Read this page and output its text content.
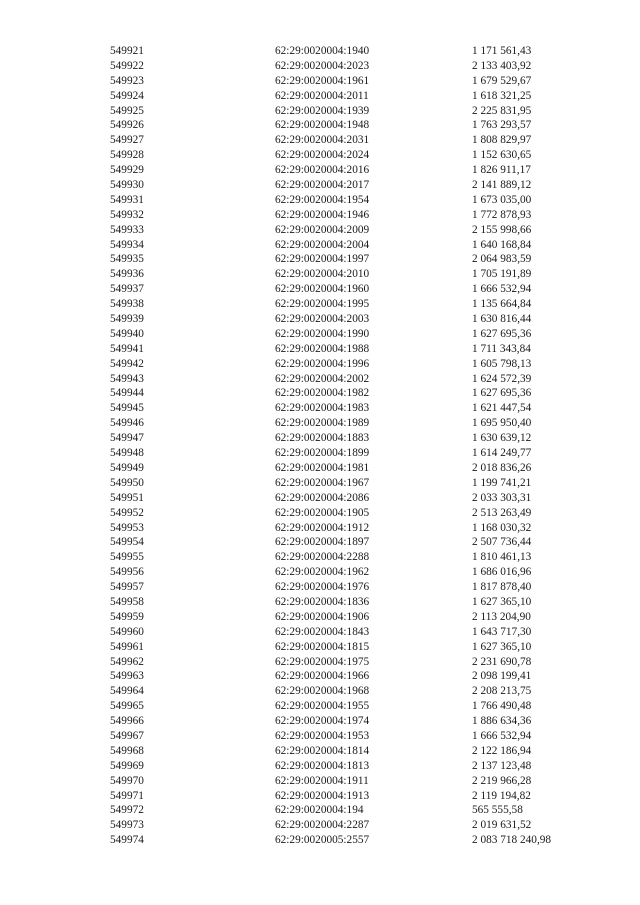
549921	62:29:0020004:1940	1 171 561,43
549922	62:29:0020004:2023	2 133 403,92
549923	62:29:0020004:1961	1 679 529,67
549924	62:29:0020004:2011	1 618 321,25
549925	62:29:0020004:1939	2 225 831,95
549926	62:29:0020004:1948	1 763 293,57
549927	62:29:0020004:2031	1 808 829,97
549928	62:29:0020004:2024	1 152 630,65
549929	62:29:0020004:2016	1 826 911,17
549930	62:29:0020004:2017	2 141 889,12
549931	62:29:0020004:1954	1 673 035,00
549932	62:29:0020004:1946	1 772 878,93
549933	62:29:0020004:2009	2 155 998,66
549934	62:29:0020004:2004	1 640 168,84
549935	62:29:0020004:1997	2 064 983,59
549936	62:29:0020004:2010	1 705 191,89
549937	62:29:0020004:1960	1 666 532,94
549938	62:29:0020004:1995	1 135 664,84
549939	62:29:0020004:2003	1 630 816,44
549940	62:29:0020004:1990	1 627 695,36
549941	62:29:0020004:1988	1 711 343,84
549942	62:29:0020004:1996	1 605 798,13
549943	62:29:0020004:2002	1 624 572,39
549944	62:29:0020004:1982	1 627 695,36
549945	62:29:0020004:1983	1 621 447,54
549946	62:29:0020004:1989	1 695 950,40
549947	62:29:0020004:1883	1 630 639,12
549948	62:29:0020004:1899	1 614 249,77
549949	62:29:0020004:1981	2 018 836,26
549950	62:29:0020004:1967	1 199 741,21
549951	62:29:0020004:2086	2 033 303,31
549952	62:29:0020004:1905	2 513 263,49
549953	62:29:0020004:1912	1 168 030,32
549954	62:29:0020004:1897	2 507 736,44
549955	62:29:0020004:2288	1 810 461,13
549956	62:29:0020004:1962	1 686 016,96
549957	62:29:0020004:1976	1 817 878,40
549958	62:29:0020004:1836	1 627 365,10
549959	62:29:0020004:1906	2 113 204,90
549960	62:29:0020004:1843	1 643 717,30
549961	62:29:0020004:1815	1 627 365,10
549962	62:29:0020004:1975	2 231 690,78
549963	62:29:0020004:1966	2 098 199,41
549964	62:29:0020004:1968	2 208 213,75
549965	62:29:0020004:1955	1 766 490,48
549966	62:29:0020004:1974	1 886 634,36
549967	62:29:0020004:1953	1 666 532,94
549968	62:29:0020004:1814	2 122 186,94
549969	62:29:0020004:1813	2 137 123,48
549970	62:29:0020004:1911	2 219 966,28
549971	62:29:0020004:1913	2 119 194,82
549972	62:29:0020004:194	565 555,58
549973	62:29:0020004:2287	2 019 631,52
549974	62:29:0020005:2557	2 083 718 240,98
